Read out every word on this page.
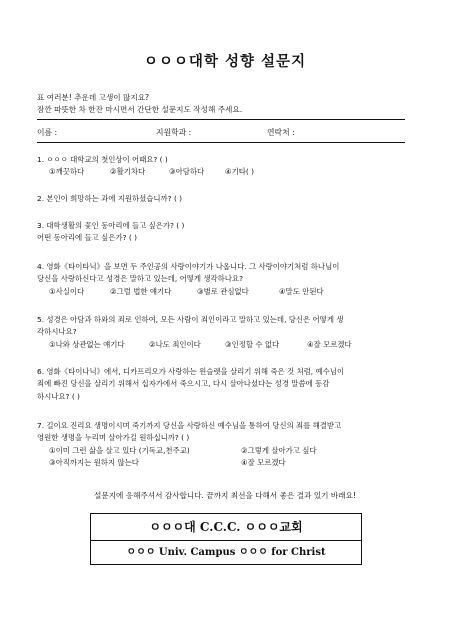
ㅇㅇㅇ대학 성향 설문지
표 여러분! 추운데 고생이 많지요?
잠깐 따뜻한 차 한잔 마시면서 간단한 설문지도 작성해 주세요.
이름 :	지원학과 :	연락처 :
1. ㅇㅇㅇ 대학교의 첫인상이 어때요? ( )
①깨끗하다	②활기차다	③아담하다	④기타( )
2. 본인이 희망하는 과에 지원하셨습니까? ( )
3. 대학생활의 꽃인 동아리에 들고 싶은가? ( )
어떤 동아리에 들고 싶은가? ( )
4. 영화《타이타닉》을 보면 두 주인공의 사랑이야기가 나옵니다. 그 사랑이야기처럼 하나님이
당신을 사랑하신다고 성경은 말하고 있는데, 어떻게 생각하나요?
①사실이다	②그럴 법한 얘기다	③별로 관심없다	④말도 안된다
5. 성경은 아담과 하와의 죄로 인하여, 모든 사람이 죄인이라고 말하고 있는데, 당신은 어떻게 생
각하시나요?
①나와 상관없는 얘기다	②나도 죄인이다	③인정할 수 없다	④잘 모르겠다
6. 영화《타이나닉》에서, 디카프리오가 사랑하는 윈슬렛을 살리기 위해 죽은 것 처럼, 예수님이
죄에 빠진 당신을 살리기 위해서 십자가에서 죽으시고, 다시 살아나셨다는 성경 말씀에 동감
하시나요? ( )
7. 길이요 진리요 생명이시며 죽기까지 당신을 사랑하신 예수님을 통하여 당신의 죄를 해결받고
영원한 생명을 누리며 살아가길 원하십니까? ( )
①이미 그런 삶을 살고 있다 (기독교,천주교)	②그렇게 살아가고 싶다
③아직까지는 원하지 않는다	④잘 모르겠다
설문지에 응해주셔서 감사합니다. 끝까지 최선을 다해서 좋은 결과 있기 바래요!
ㅇㅇㅇ대 C.C.C. ㅇㅇㅇ교회
ㅇㅇㅇ Univ. Campus ㅇㅇㅇ for Christ
